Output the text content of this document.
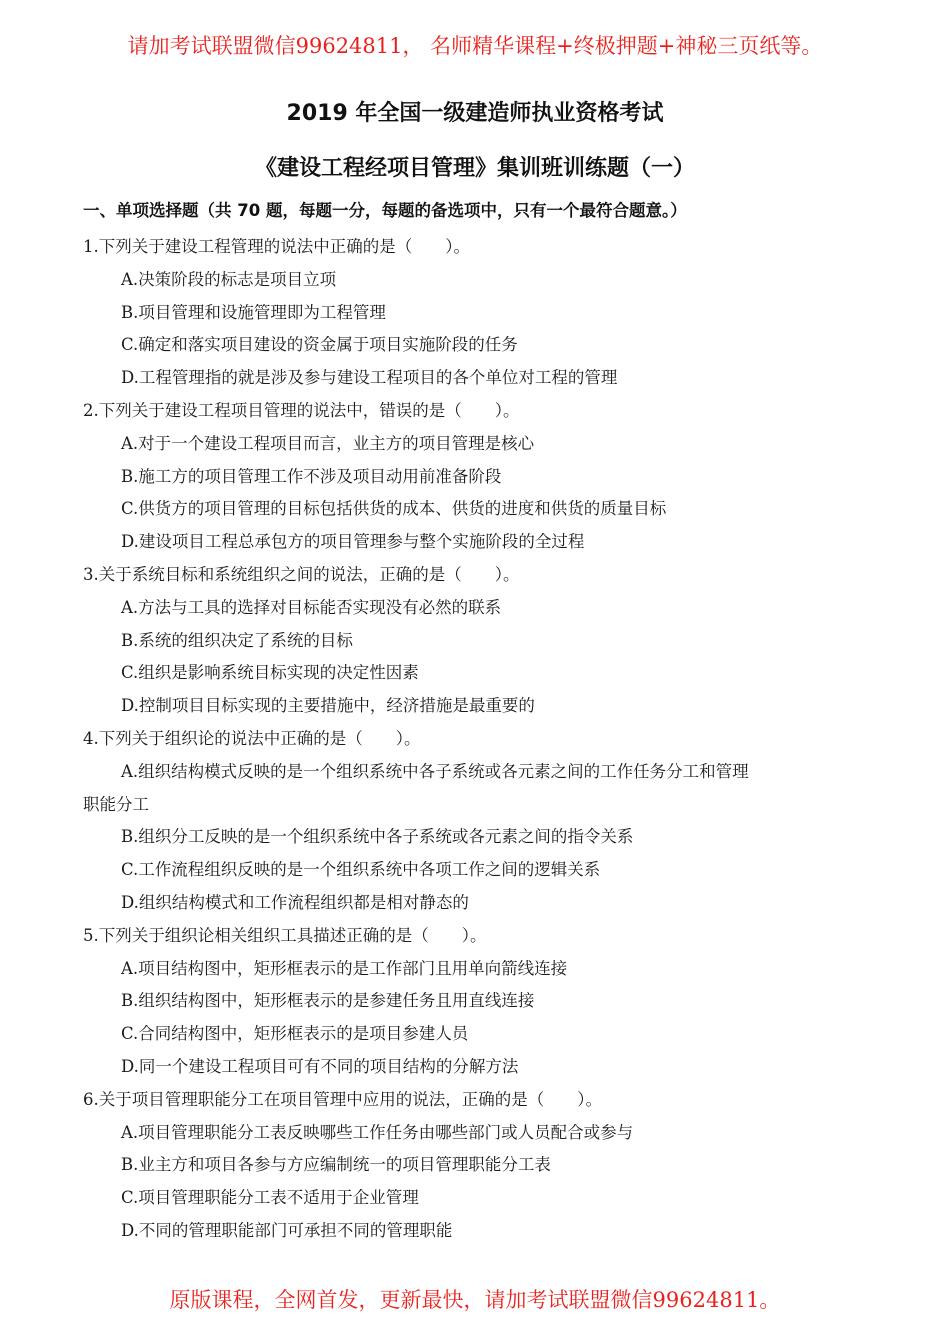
请加考试联盟微信99624811， 名师精华课程+终极押题+神秘三页纸等。
2019 年全国一级建造师执业资格考试
《建设工程经项目管理》集训班训练题（一）
一、单项选择题（共 70 题，每题一分，每题的备选项中，只有一个最符合题意。）

1.下列关于建设工程管理的说法中正确的是（　　）。

A.决策阶段的标志是项目立项

B.项目管理和设施管理即为工程管理

C.确定和落实项目建设的资金属于项目实施阶段的任务

D.工程管理指的就是涉及参与建设工程项目的各个单位对工程的管理

2.下列关于建设工程项目管理的说法中，错误的是（　　）。

A.对于一个建设工程项目而言，业主方的项目管理是核心

B.施工方的项目管理工作不涉及项目动用前准备阶段

C.供货方的项目管理的目标包括供货的成本、供货的进度和供货的质量目标

D.建设项目工程总承包方的项目管理参与整个实施阶段的全过程

3.关于系统目标和系统组织之间的说法，正确的是（　　）。

A.方法与工具的选择对目标能否实现没有必然的联系

B.系统的组织决定了系统的目标

C.组织是影响系统目标实现的决定性因素

D.控制项目目标实现的主要措施中，经济措施是最重要的

4.下列关于组织论的说法中正确的是（　　）。

A.组织结构模式反映的是一个组织系统中各子系统或各元素之间的工作任务分工和管理

职能分工

B.组织分工反映的是一个组织系统中各子系统或各元素之间的指令关系

C.工作流程组织反映的是一个组织系统中各项工作之间的逻辑关系

D.组织结构模式和工作流程组织都是相对静态的

5.下列关于组织论相关组织工具描述正确的是（　　）。

A.项目结构图中，矩形框表示的是工作部门且用单向箭线连接

B.组织结构图中，矩形框表示的是参建任务且用直线连接

C.合同结构图中，矩形框表示的是项目参建人员

D.同一个建设工程项目可有不同的项目结构的分解方法

6.关于项目管理职能分工在项目管理中应用的说法，正确的是（　　）。

A.项目管理职能分工表反映哪些工作任务由哪些部门或人员配合或参与

B.业主方和项目各参与方应编制统一的项目管理职能分工表

C.项目管理职能分工表不适用于企业管理

D.不同的管理职能部门可承担不同的管理职能

原版课程，全网首发，更新最快，请加考试联盟微信99624811。
